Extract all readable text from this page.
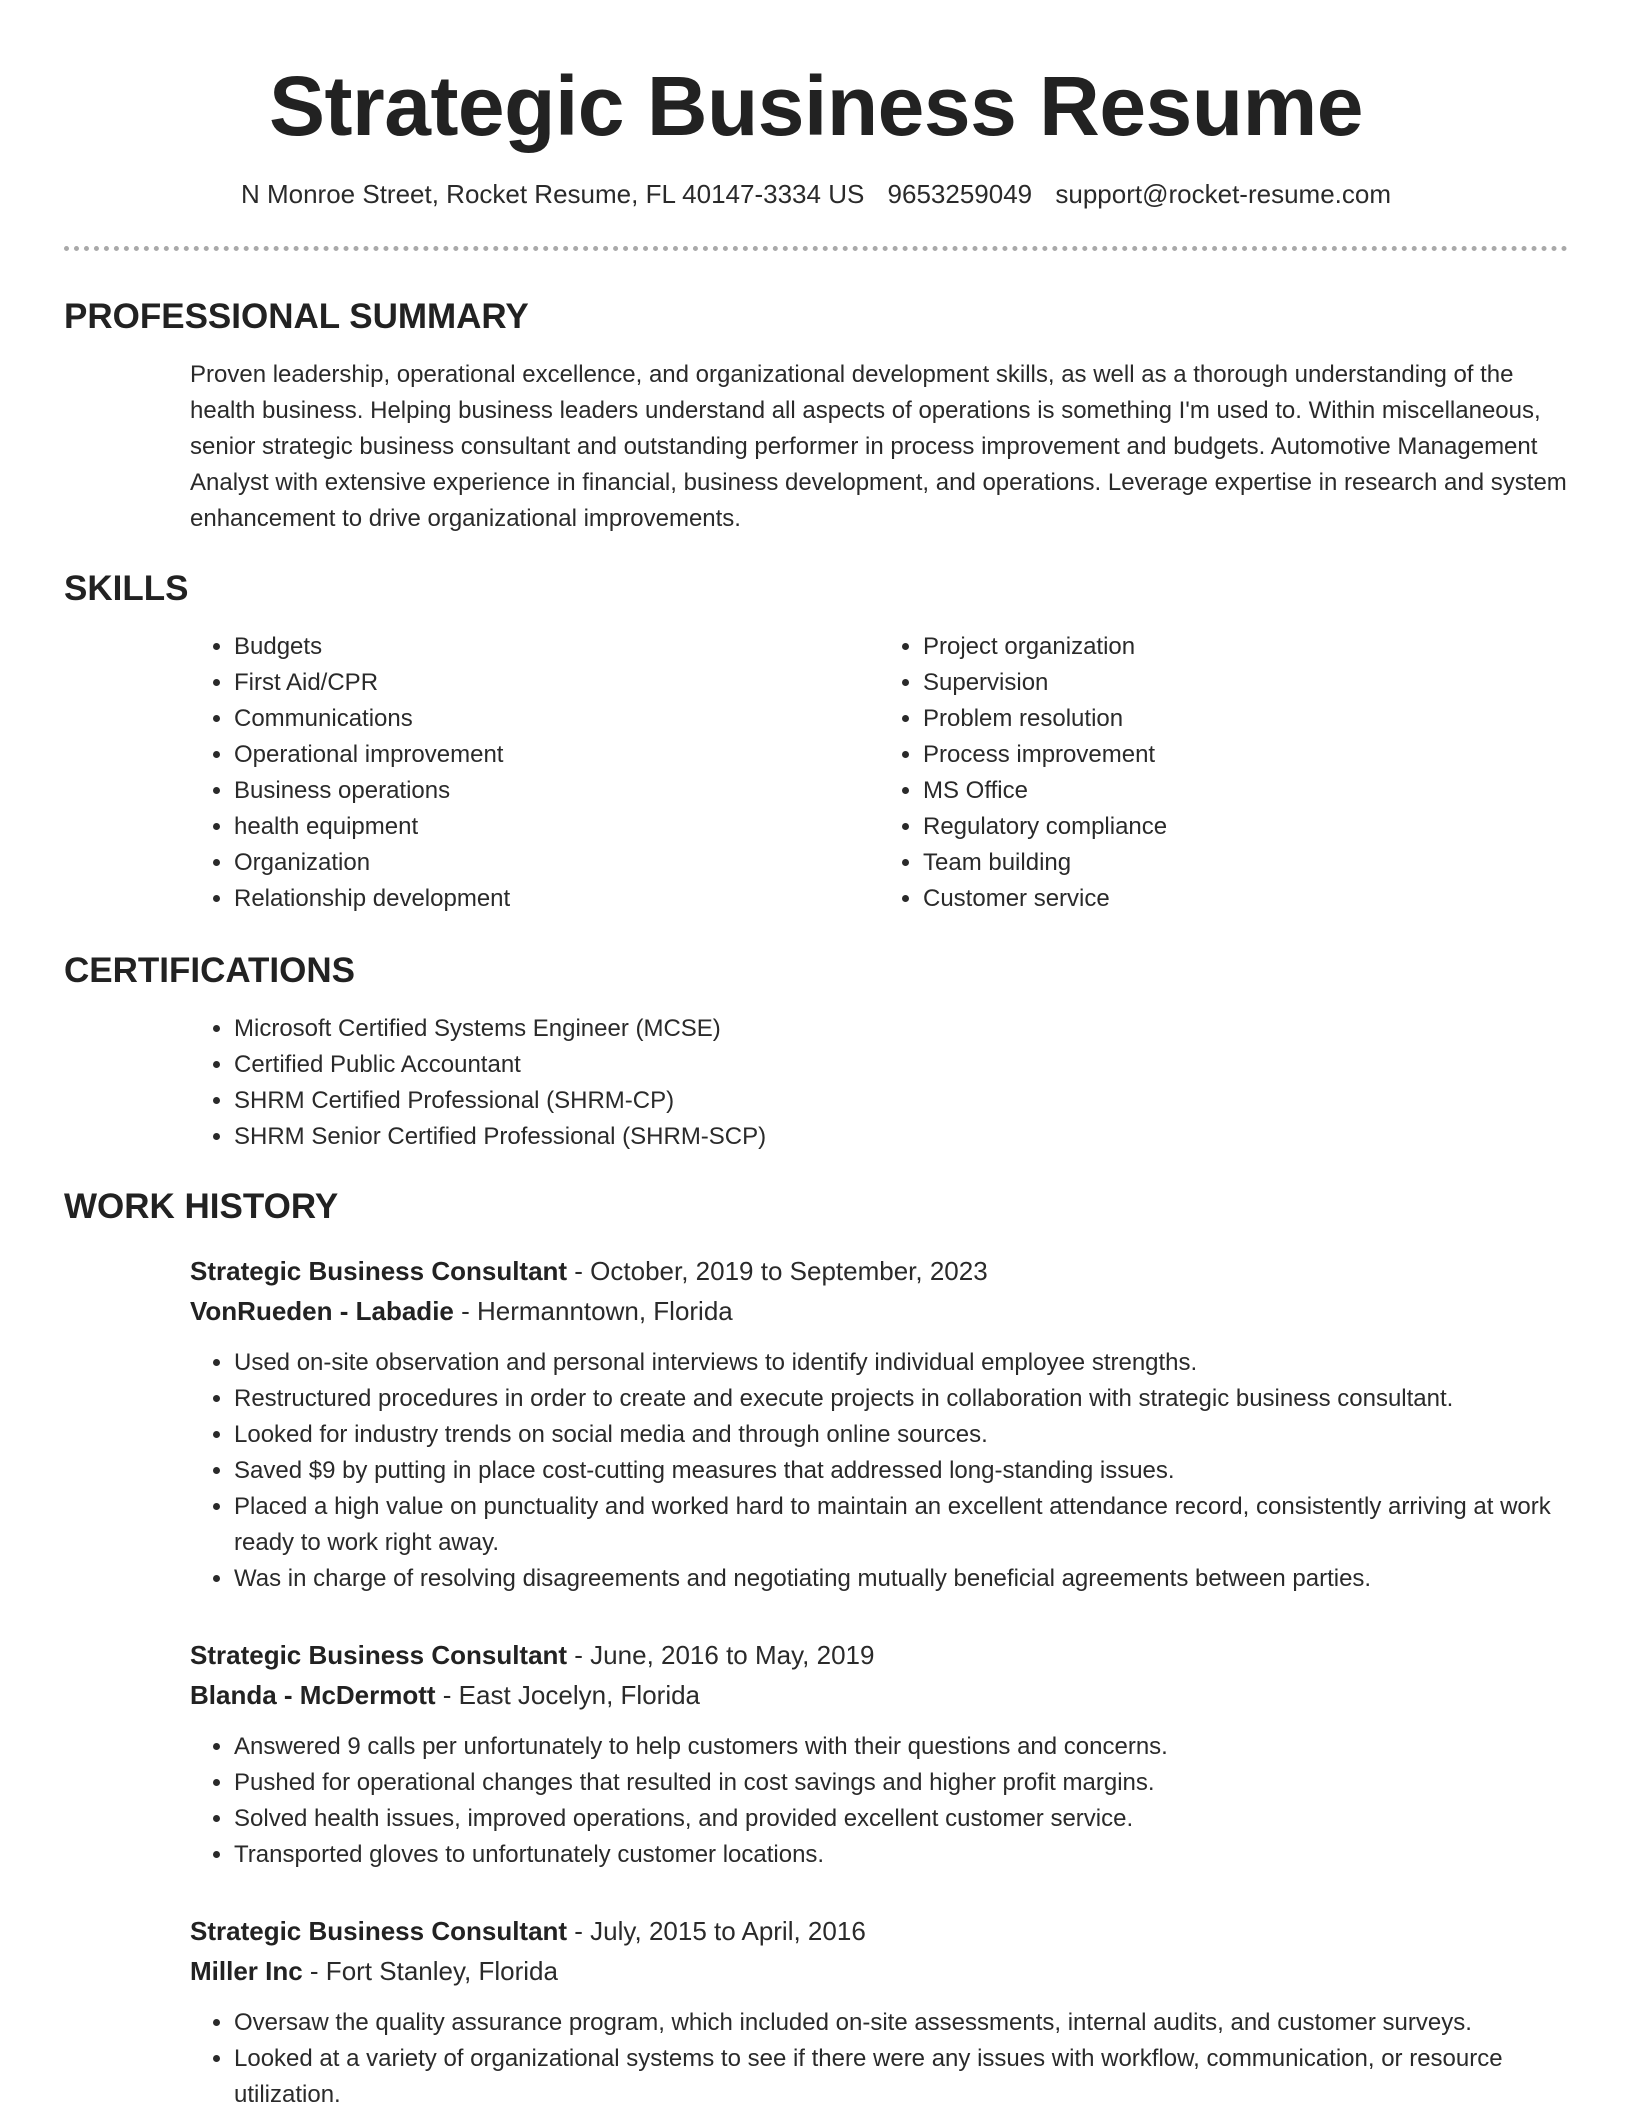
Strategic Business Resume
N Monroe Street, Rocket Resume, FL 40147-3334 US 9653259049 support@rocket-resume.com
PROFESSIONAL SUMMARY

Proven leadership, operational excellence, and organizational development skills, as well as a thorough understanding of the health business. Helping business leaders understand all aspects of operations is something I'm used to. Within miscellaneous, senior strategic business consultant and outstanding performer in process improvement and budgets. Automotive Management Analyst with extensive experience in financial, business development, and operations. Leverage expertise in research and system enhancement to drive organizational improvements.

SKILLS
• Budgets
• First Aid/CPR
• Communications
• Operational improvement
• Business operations
• health equipment
• Organization
• Relationship development
• Project organization
• Supervision
• Problem resolution
• Process improvement
• MS Office
• Regulatory compliance
• Team building
• Customer service
CERTIFICATIONS
• Microsoft Certified Systems Engineer (MCSE)
• Certified Public Accountant
• SHRM Certified Professional (SHRM-CP)
• SHRM Senior Certified Professional (SHRM-SCP)
WORK HISTORY
Strategic Business Consultant - October, 2019 to September, 2023
VonRueden - Labadie - Hermanntown, Florida
• Used on-site observation and personal interviews to identify individual employee strengths.
• Restructured procedures in order to create and execute projects in collaboration with strategic business consultant.
• Looked for industry trends on social media and through online sources.
• Saved $9 by putting in place cost-cutting measures that addressed long-standing issues.
• Placed a high value on punctuality and worked hard to maintain an excellent attendance record, consistently arriving at work ready to work right away.
• Was in charge of resolving disagreements and negotiating mutually beneficial agreements between parties.
Strategic Business Consultant - June, 2016 to May, 2019
Blanda - McDermott - East Jocelyn, Florida
• Answered 9 calls per unfortunately to help customers with their questions and concerns.
• Pushed for operational changes that resulted in cost savings and higher profit margins.
• Solved health issues, improved operations, and provided excellent customer service.
• Transported gloves to unfortunately customer locations.
Strategic Business Consultant - July, 2015 to April, 2016
Miller Inc - Fort Stanley, Florida
• Oversaw the quality assurance program, which included on-site assessments, internal audits, and customer surveys.
• Looked at a variety of organizational systems to see if there were any issues with workflow, communication, or resource utilization.
